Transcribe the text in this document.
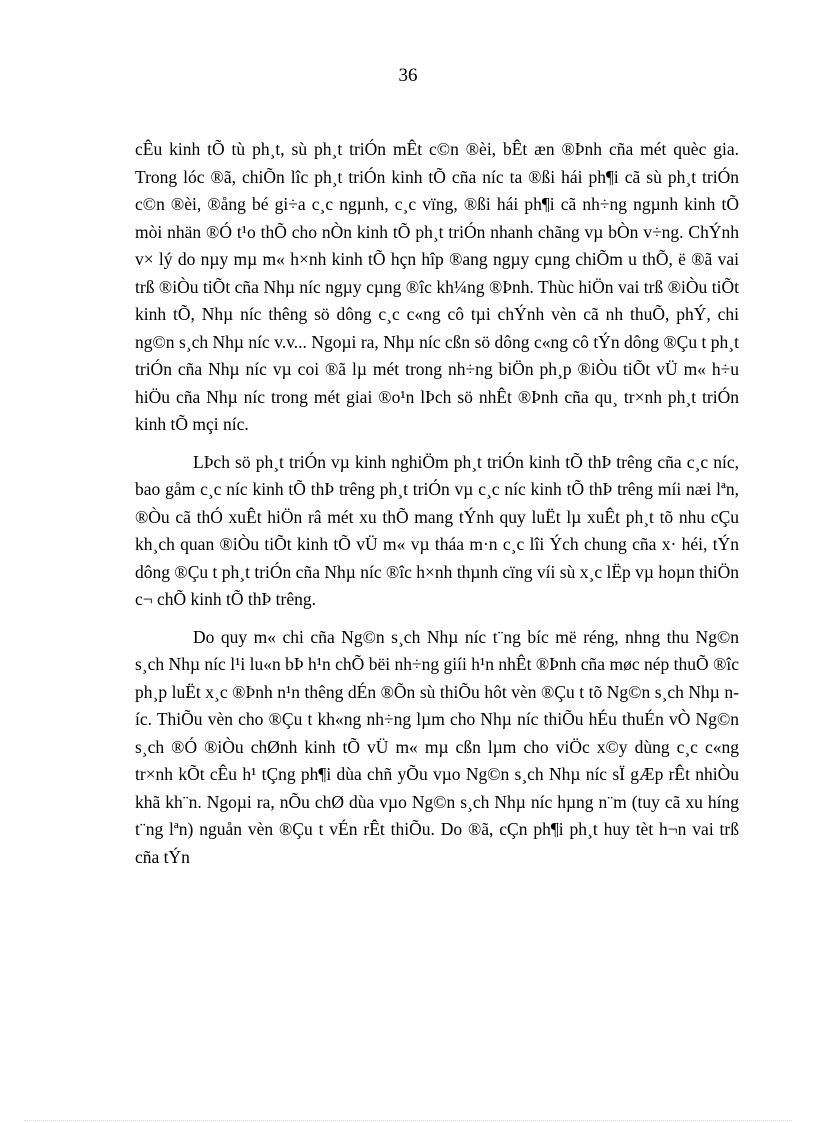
36

cÊu kinh tÕ tù ph¸t, sù ph¸t triÓn mÊt c©n ®èi, bÊt æn ®Þnh cña mét quèc gia. Trong lóc ®ã, chiÕn lîc ph¸t triÓn kinh tÕ cña níc ta ®ßi hái ph¶i cã sù ph¸t triÓn c©n ®èi, ®ång bé gi÷a c¸c ngµnh, c¸c vïng, ®ßi hái ph¶i cã nh÷ng ngµnh kinh tÕ mòi nhän ®Ó t¹o thÕ cho nÒn kinh tÕ ph¸t triÓn nhanh chãng vµ bÒn v÷ng. ChÝnh v× lý do nµy mµ m« h×nh kinh tÕ hçn hîp ®ang ngµy cµng chiÕm u thÕ, ë ®ã vai trß ®iÒu tiÕt cña Nhµ níc ngµy cµng ®îc kh¼ng ®Þnh. Thùc hiÖn vai trß ®iÒu tiÕt kinh tÕ, Nhµ níc thêng sö dông c¸c c«ng cô tµi chÝnh vèn cã nh thuÕ, phÝ, chi ng©n s¸ch Nhµ níc v.v... Ngoµi ra, Nhµ níc cßn sö dông c«ng cô tÝn dông ®Çu t ph¸t triÓn cña Nhµ níc vµ coi ®ã lµ mét trong nh÷ng biÖn ph¸p ®iÒu tiÕt vÜ m« h÷u hiÖu cña Nhµ níc trong mét giai ®o¹n lÞch sö nhÊt ®Þnh cña qu¸ tr×nh ph¸t triÓn kinh tÕ mçi níc.

LÞch sö ph¸t triÓn vµ kinh nghiÖm ph¸t triÓn kinh tÕ thÞ trêng cña c¸c níc, bao gåm c¸c níc kinh tÕ thÞ trêng ph¸t triÓn vµ c¸c níc kinh tÕ thÞ trêng míi næi lªn, ®Òu cã thÓ xuÊt hiÖn râ mét xu thÕ mang tÝnh quy luËt lµ xuÊt ph¸t tõ nhu cÇu kh¸ch quan ®iÒu tiÕt kinh tÕ vÜ m« vµ tháa m·n c¸c lîi Ých chung cña x· héi, tÝn dông ®Çu t ph¸t triÓn cña Nhµ níc ®îc h×nh thµnh cïng víi sù x¸c lËp vµ hoµn thiÖn c¬ chÕ kinh tÕ thÞ trêng.

Do quy m« chi cña Ng©n s¸ch Nhµ níc t¨ng bíc më réng, nhng thu Ng©n s¸ch Nhµ níc l¹i lu«n bÞ h¹n chÕ bëi nh÷ng giíi h¹n nhÊt ®Þnh cña møc nép thuÕ ®îc ph¸p luËt x¸c ®Þnh n¹n thêng dÉn ®Õn sù thiÕu hôt vèn ®Çu t tõ Ng©n s¸ch Nhµ níc. ThiÕu vèn cho ®Çu t kh«ng nh÷ng lµm cho Nhµ níc thiÕu hÉu thuÉn vÒ Ng©n s¸ch ®Ó ®iÒu chØnh kinh tÕ vÜ m« mµ cßn lµm cho viÖc x©y dùng c¸c c«ng tr×nh kÕt cÊu h¹ tÇng ph¶i dùa chñ yÕu vµo Ng©n s¸ch Nhµ níc sÏ gÆp rÊt nhiÒu khã kh¨n. Ngoµi ra, nÕu chØ dùa vµo Ng©n s¸ch Nhµ níc hµng n¨m (tuy cã xu híng t¨ng lªn) nguån vèn ®Çu t vÉn rÊt thiÕu. Do ®ã, cÇn ph¶i ph¸t huy tèt h¬n vai trß cña tÝn
